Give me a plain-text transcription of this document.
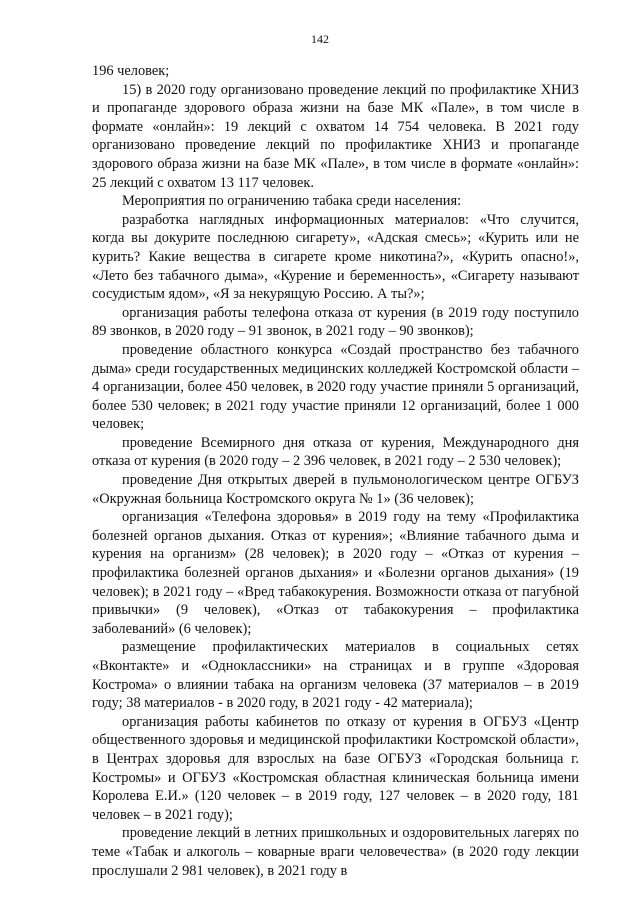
142

196 человек;

15) в 2020 году организовано проведение лекций по профилактике ХНИЗ и пропаганде здорового образа жизни на базе МК «Пале», в том числе в формате «онлайн»: 19 лекций с охватом 14 754 человека. В 2021 году организовано проведение лекций по профилактике ХНИЗ и пропаганде здорового образа жизни на базе МК «Пале», в том числе в формате «онлайн»: 25 лекций с охватом 13 117 человек.

Мероприятия по ограничению табака среди населения:

разработка наглядных информационных материалов: «Что случится, когда вы докурите последнюю сигарету», «Адская смесь»; «Курить или не курить? Какие вещества в сигарете кроме никотина?», «Курить опасно!», «Лето без табачного дыма», «Курение и беременность», «Сигарету называют сосудистым ядом», «Я за некурящую Россию. А ты?»;

организация работы телефона отказа от курения (в 2019 году поступило 89 звонков, в 2020 году – 91 звонок, в 2021 году – 90 звонков);

проведение областного конкурса «Создай пространство без табачного дыма» среди государственных медицинских колледжей Костромской области – 4 организации, более 450 человек, в 2020 году участие приняли 5 организаций, более 530 человек; в 2021 году участие приняли 12 организаций, более 1 000 человек;

проведение Всемирного дня отказа от курения, Международного дня отказа от курения (в 2020 году – 2 396 человек, в 2021 году – 2 530 человек);

проведение Дня открытых дверей в пульмонологическом центре ОГБУЗ «Окружная больница Костромского округа № 1» (36 человек);

организация «Телефона здоровья» в 2019 году на тему «Профилактика болезней органов дыхания. Отказ от курения»; «Влияние табачного дыма и курения на организм» (28 человек); в 2020 году – «Отказ от курения – профилактика болезней органов дыхания» и «Болезни органов дыхания» (19 человек); в 2021 году – «Вред табакокурения. Возможности отказа от пагубной привычки» (9 человек), «Отказ от табакокурения – профилактика заболеваний» (6 человек);

размещение профилактических материалов в социальных сетях «Вконтакте» и «Одноклассники» на страницах и в группе «Здоровая Кострома» о влиянии табака на организм человека (37 материалов – в 2019 году; 38 материалов - в 2020 году, в 2021 году - 42 материала);

организация работы кабинетов по отказу от курения в ОГБУЗ «Центр общественного здоровья и медицинской профилактики Костромской области», в Центрах здоровья для взрослых на базе ОГБУЗ «Городская больница г. Костромы» и ОГБУЗ «Костромская областная клиническая больница имени Королева Е.И.» (120 человек – в 2019 году, 127 человек – в 2020 году, 181 человек – в 2021 году);

проведение лекций в летних пришкольных и оздоровительных лагерях по теме «Табак и алкоголь – коварные враги человечества» (в 2020 году лекции прослушали 2 981 человек), в 2021 году в
